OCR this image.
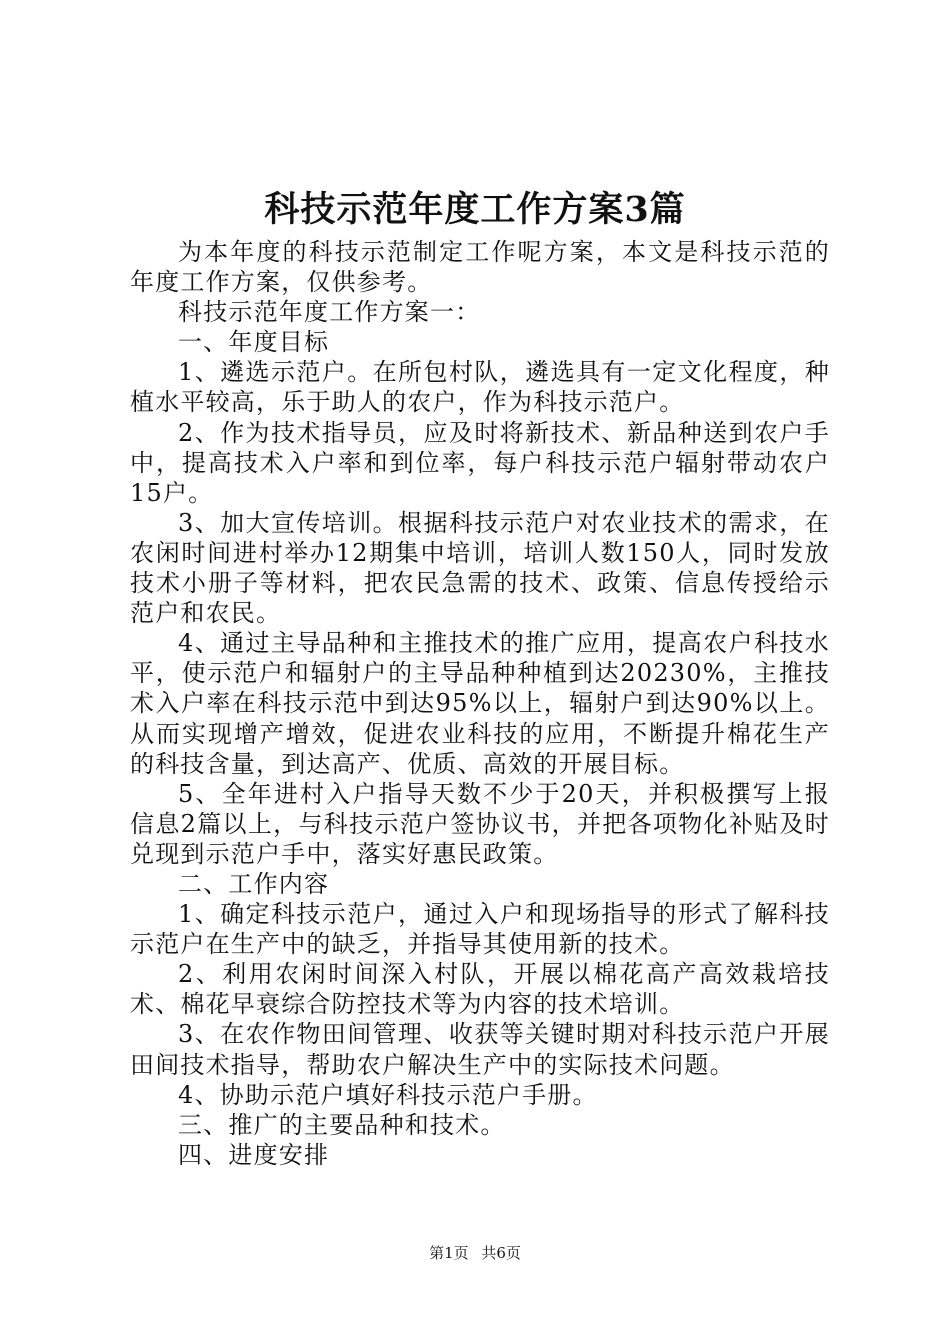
科技示范年度工作方案3篇

为本年度的科技示范制定工作呢方案，本文是科技示范的年度工作方案，仅供参考。

科技示范年度工作方案一：

一、年度目标

1、遴选示范户。在所包村队，遴选具有一定文化程度，种植水平较高，乐于助人的农户，作为科技示范户。

2、作为技术指导员，应及时将新技术、新品种送到农户手中，提高技术入户率和到位率，每户科技示范户辐射带动农户15户。

3、加大宣传培训。根据科技示范户对农业技术的需求，在农闲时间进村举办12期集中培训，培训人数150人，同时发放技术小册子等材料，把农民急需的技术、政策、信息传授给示范户和农民。

4、通过主导品种和主推技术的推广应用，提高农户科技水平，使示范户和辐射户的主导品种种植到达20230%，主推技术入户率在科技示范中到达95%以上，辐射户到达90%以上。从而实现增产增效，促进农业科技的应用，不断提升棉花生产的科技含量，到达高产、优质、高效的开展目标。

5、全年进村入户指导天数不少于20天，并积极撰写上报信息2篇以上，与科技示范户签协议书，并把各项物化补贴及时兑现到示范户手中，落实好惠民政策。

二、工作内容

1、确定科技示范户，通过入户和现场指导的形式了解科技示范户在生产中的缺乏，并指导其使用新的技术。

2、利用农闲时间深入村队，开展以棉花高产高效栽培技术、棉花早衰综合防控技术等为内容的技术培训。

3、在农作物田间管理、收获等关键时期对科技示范户开展田间技术指导，帮助农户解决生产中的实际技术问题。

4、协助示范户填好科技示范户手册。

三、推广的主要品种和技术。

四、进度安排

第1页 共6页
